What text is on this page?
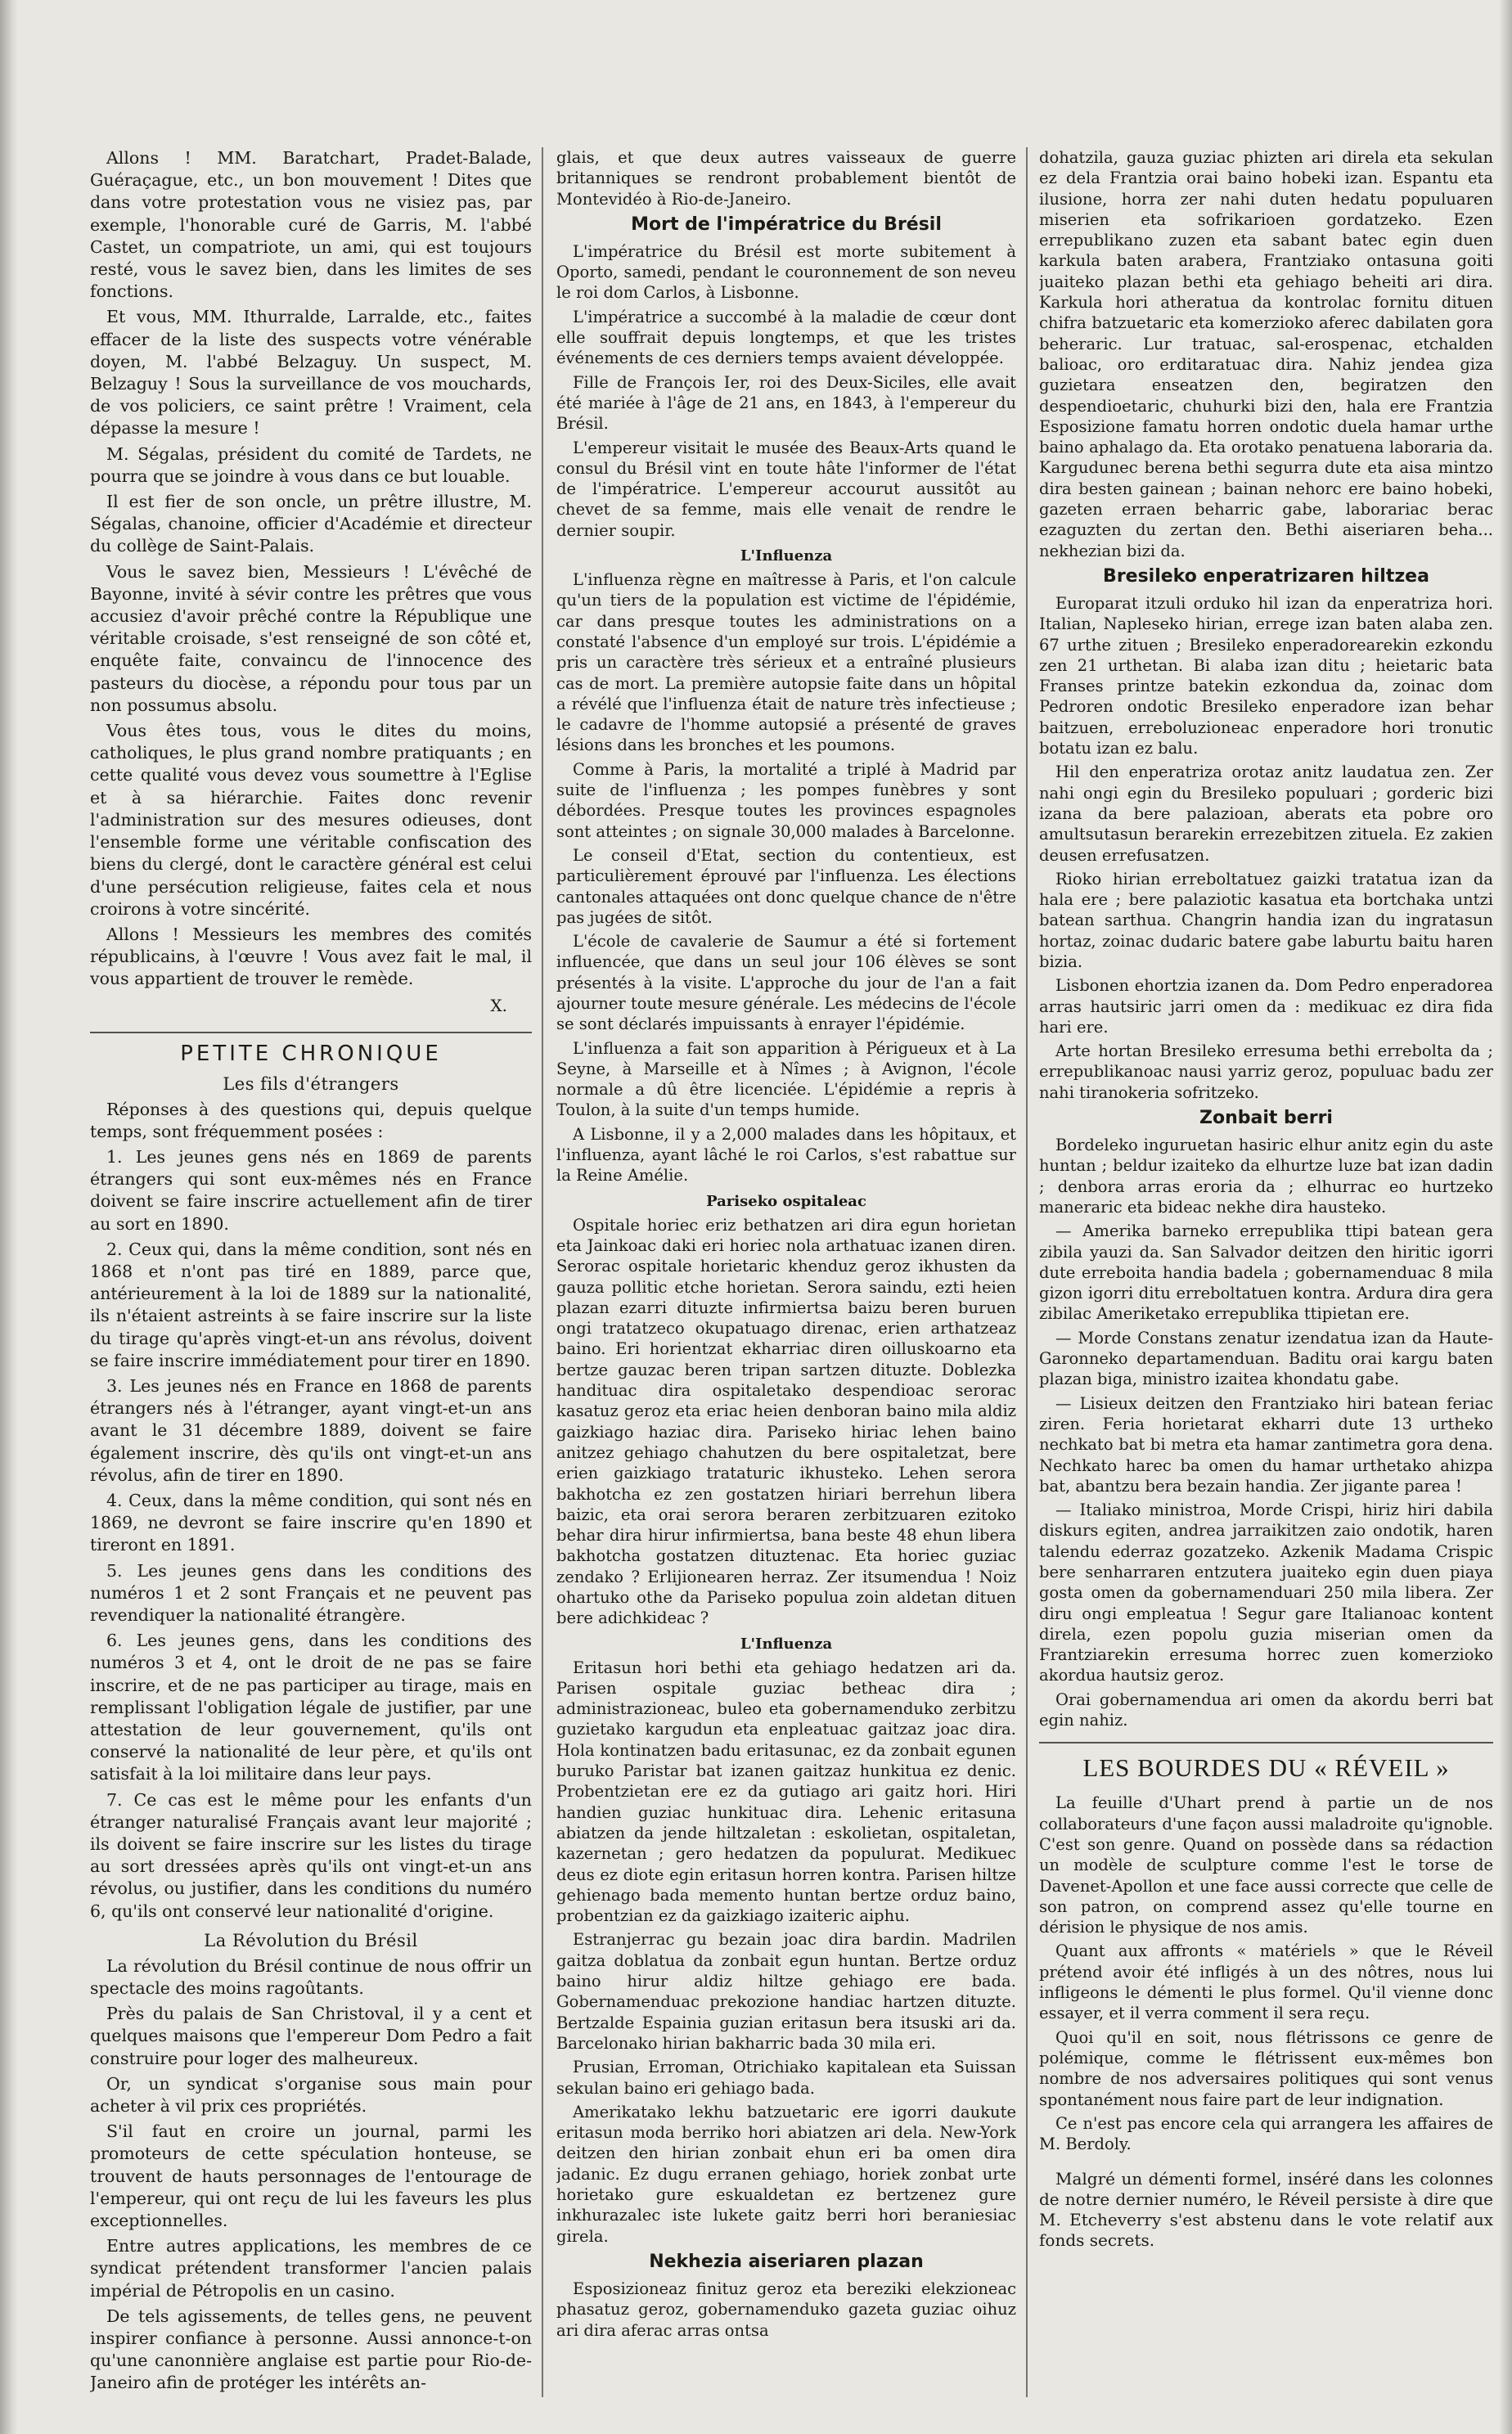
Allons ! MM. Baratchart, Pradet-Balade, Guéraçague, etc., un bon mouvement ! Dites que dans votre protestation vous ne visiez pas, par exemple, l'honorable curé de Garris, M. l'abbé Castet, un compatriote, un ami, qui est toujours resté, vous le savez bien, dans les limites de ses fonctions.

Et vous, MM. Ithurralde, Larralde, etc., faites effacer de la liste des suspects votre vénérable doyen, M. l'abbé Belzaguy. Un suspect, M. Belzaguy ! Sous la surveillance de vos mouchards, de vos policiers, ce saint prêtre ! Vraiment, cela dépasse la mesure !

M. Ségalas, président du comité de Tardets, ne pourra que se joindre à vous dans ce but louable.

Il est fier de son oncle, un prêtre illustre, M. Ségalas, chanoine, officier d'Académie et directeur du collège de Saint-Palais.

Vous le savez bien, Messieurs ! L'évêché de Bayonne, invité à sévir contre les prêtres que vous accusiez d'avoir prêché contre la République une véritable croisade, s'est renseigné de son côté et, enquête faite, convaincu de l'innocence des pasteurs du diocèse, a répondu pour tous par un non possumus absolu.

Vous êtes tous, vous le dites du moins, catholiques, le plus grand nombre pratiquants ; en cette qualité vous devez vous soumettre à l'Eglise et à sa hiérarchie. Faites donc revenir l'administration sur des mesures odieuses, dont l'ensemble forme une véritable confiscation des biens du clergé, dont le caractère général est celui d'une persécution religieuse, faites cela et nous croirons à votre sincérité.

Allons ! Messieurs les membres des comités républicains, à l'œuvre ! Vous avez fait le mal, il vous appartient de trouver le remède.

X.
PETITE CHRONIQUE
Les fils d'étrangers

Réponses à des questions qui, depuis quelque temps, sont fréquemment posées :

1. Les jeunes gens nés en 1869 de parents étrangers qui sont eux-mêmes nés en France doivent se faire inscrire actuellement afin de tirer au sort en 1890.

2. Ceux qui, dans la même condition, sont nés en 1868 et n'ont pas tiré en 1889, parce que, antérieurement à la loi de 1889 sur la nationalité, ils n'étaient astreints à se faire inscrire sur la liste du tirage qu'après vingt-et-un ans révolus, doivent se faire inscrire immédiatement pour tirer en 1890.

3. Les jeunes nés en France en 1868 de parents étrangers nés à l'étranger, ayant vingt-et-un ans avant le 31 décembre 1889, doivent se faire également inscrire, dès qu'ils ont vingt-et-un ans révolus, afin de tirer en 1890.

4. Ceux, dans la même condition, qui sont nés en 1869, ne devront se faire inscrire qu'en 1890 et tireront en 1891.

5. Les jeunes gens dans les conditions des numéros 1 et 2 sont Français et ne peuvent pas revendiquer la nationalité étrangère.

6. Les jeunes gens, dans les conditions des numéros 3 et 4, ont le droit de ne pas se faire inscrire, et de ne pas participer au tirage, mais en remplissant l'obligation légale de justifier, par une attestation de leur gouvernement, qu'ils ont conservé la nationalité de leur père, et qu'ils ont satisfait à la loi militaire dans leur pays.

7. Ce cas est le même pour les enfants d'un étranger naturalisé Français avant leur majorité ; ils doivent se faire inscrire sur les listes du tirage au sort dressées après qu'ils ont vingt-et-un ans révolus, ou justifier, dans les conditions du numéro 6, qu'ils ont conservé leur nationalité d'origine.

La Révolution du Brésil

La révolution du Brésil continue de nous offrir un spectacle des moins ragoûtants.

Près du palais de San Christoval, il y a cent et quelques maisons que l'empereur Dom Pedro a fait construire pour loger des malheureux.

Or, un syndicat s'organise sous main pour acheter à vil prix ces propriétés.

S'il faut en croire un journal, parmi les promoteurs de cette spéculation honteuse, se trouvent de hauts personnages de l'entourage de l'empereur, qui ont reçu de lui les faveurs les plus exceptionnelles.

Entre autres applications, les membres de ce syndicat prétendent transformer l'ancien palais impérial de Pétropolis en un casino.

De tels agissements, de telles gens, ne peuvent inspirer confiance à personne. Aussi annonce-t-on qu'une canonnière anglaise est partie pour Rio-de-Janeiro afin de protéger les intérêts an-

glais, et que deux autres vaisseaux de guerre britanniques se rendront probablement bientôt de Montevidéo à Rio-de-Janeiro.

Mort de l'impératrice du Brésil

L'impératrice du Brésil est morte subitement à Oporto, samedi, pendant le couronnement de son neveu le roi dom Carlos, à Lisbonne.

L'impératrice a succombé à la maladie de cœur dont elle souffrait depuis longtemps, et que les tristes événements de ces derniers temps avaient développée.

Fille de François Ier, roi des Deux-Siciles, elle avait été mariée à l'âge de 21 ans, en 1843, à l'empereur du Brésil.

L'empereur visitait le musée des Beaux-Arts quand le consul du Brésil vint en toute hâte l'informer de l'état de l'impératrice. L'empereur accourut aussitôt au chevet de sa femme, mais elle venait de rendre le dernier soupir.

L'Influenza

L'influenza règne en maîtresse à Paris, et l'on calcule qu'un tiers de la population est victime de l'épidémie, car dans presque toutes les administrations on a constaté l'absence d'un employé sur trois. L'épidémie a pris un caractère très sérieux et a entraîné plusieurs cas de mort. La première autopsie faite dans un hôpital a révélé que l'influenza était de nature très infectieuse ; le cadavre de l'homme autopsié a présenté de graves lésions dans les bronches et les poumons.

Comme à Paris, la mortalité a triplé à Madrid par suite de l'influenza ; les pompes funèbres y sont débordées. Presque toutes les provinces espagnoles sont atteintes ; on signale 30,000 malades à Barcelonne.

Le conseil d'Etat, section du contentieux, est particulièrement éprouvé par l'influenza. Les élections cantonales attaquées ont donc quelque chance de n'être pas jugées de sitôt.

L'école de cavalerie de Saumur a été si fortement influencée, que dans un seul jour 106 élèves se sont présentés à la visite. L'approche du jour de l'an a fait ajourner toute mesure générale. Les médecins de l'école se sont déclarés impuissants à enrayer l'épidémie.

L'influenza a fait son apparition à Périgueux et à La Seyne, à Marseille et à Nîmes ; à Avignon, l'école normale a dû être licenciée. L'épidémie a repris à Toulon, à la suite d'un temps humide.

A Lisbonne, il y a 2,000 malades dans les hôpitaux, et l'influenza, ayant lâché le roi Carlos, s'est rabattue sur la Reine Amélie.

Pariseko ospitaleac

Ospitale horiec eriz bethatzen ari dira egun horietan eta Jainkoac daki eri horiec nola arthatuac izanen diren. Serorac ospitale horietaric khenduz geroz ikhusten da gauza pollitic etche horietan. Serora saindu, ezti heien plazan ezarri dituzte infirmiertsa baizu beren buruen ongi tratatzeco okupatuago direnac, erien arthatzeaz baino. Eri horientzat ekharriac diren oilluskoarno eta bertze gauzac beren tripan sartzen dituzte. Doblezka handituac dira ospitaletako despendioac serorac kasatuz geroz eta eriac heien denboran baino mila aldiz gaizkiago haziac dira. Pariseko hiriac lehen baino anitzez gehiago chahutzen du bere ospitaletzat, bere erien gaizkiago trataturic ikhusteko. Lehen serora bakhotcha ez zen gostatzen hiriari berrehun libera baizic, eta orai serora beraren zerbitzuaren ezitoko behar dira hirur infirmiertsa, bana beste 48 ehun libera bakhotcha gostatzen dituztenac. Eta horiec guziac zendako ? Erlijionearen herraz. Zer itsumendua ! Noiz ohartuko othe da Pariseko populua zoin aldetan dituen bere adichkideac ?

L'Influenza

Eritasun hori bethi eta gehiago hedatzen ari da. Parisen ospitale guziac betheac dira ; administrazioneac, buleo eta gobernamenduko zerbitzu guzietako kargudun eta enpleatuac gaitzaz joac dira. Hola kontinatzen badu eritasunac, ez da zonbait egunen buruko Paristar bat izanen gaitzaz hunkitua ez denic. Probentzietan ere ez da gutiago ari gaitz hori. Hiri handien guziac hunkituac dira. Lehenic eritasuna abiatzen da jende hiltzaletan : eskolietan, ospitaletan, kazernetan ; gero hedatzen da populurat. Medikuec deus ez diote egin eritasun horren kontra. Parisen hiltze gehienago bada memento huntan bertze orduz baino, probentzian ez da gaizkiago izaiteric aiphu.

Estranjerrac gu bezain joac dira bardin. Madrilen gaitza doblatua da zonbait egun huntan. Bertze orduz baino hirur aldiz hiltze gehiago ere bada. Gobernamenduac prekozione handiac hartzen dituzte. Bertzalde Espainia guzian eritasun bera itsuski ari da. Barcelonako hirian bakharric bada 30 mila eri.

Prusian, Erroman, Otrichiako kapitalean eta Suissan sekulan baino eri gehiago bada.

Amerikatako lekhu batzuetaric ere igorri daukute eritasun moda berriko hori abiatzen ari dela. New-York deitzen den hirian zonbait ehun eri ba omen dira jadanic. Ez dugu erranen gehiago, horiek zonbat urte horietako gure eskualdetan ez bertzenez gure inkhurazalec iste lukete gaitz berri hori beraniesiac girela.

Nekhezia aiseriaren plazan

Esposizioneaz finituz geroz eta bereziki elekzioneac phasatuz geroz, gobernamenduko gazeta guziac oihuz ari dira aferac arras ontsa

dohatzila, gauza guziac phizten ari direla eta sekulan ez dela Frantzia orai baino hobeki izan. Espantu eta ilusione, horra zer nahi duten hedatu populuaren miserien eta sofrikarioen gordatzeko. Ezen errepublikano zuzen eta sabant batec egin duen karkula baten arabera, Frantziako ontasuna goiti juaiteko plazan bethi eta gehiago beheiti ari dira. Karkula hori atheratua da kontrolac fornitu dituen chifra batzuetaric eta komerzioko aferec dabilaten gora beheraric. Lur tratuac, sal-erospenac, etchalden balioac, oro erditaratuac dira. Nahiz jendea giza guzietara enseatzen den, begiratzen den despendioetaric, chuhurki bizi den, hala ere Frantzia Esposizione famatu horren ondotic duela hamar urthe baino aphalago da. Eta orotako penatuena laboraria da. Kargudunec berena bethi segurra dute eta aisa mintzo dira besten gainean ; bainan nehorc ere baino hobeki, gazeten erraen beharric gabe, laborariac berac ezaguzten du zertan den. Bethi aiseriaren beha... nekhezian bizi da.

Bresileko enperatrizaren hiltzea

Europarat itzuli orduko hil izan da enperatriza hori. Italian, Napleseko hirian, errege izan baten alaba zen. 67 urthe zituen ; Bresileko enperadorearekin ezkondu zen 21 urthetan. Bi alaba izan ditu ; heietaric bata Franses printze batekin ezkondua da, zoinac dom Pedroren ondotic Bresileko enperadore izan behar baitzuen, erreboluzioneac enperadore hori tronutic botatu izan ez balu.

Hil den enperatriza orotaz anitz laudatua zen. Zer nahi ongi egin du Bresileko populuari ; gorderic bizi izana da bere palazioan, aberats eta pobre oro amultsutasun berarekin errezebitzen zituela. Ez zakien deusen errefusatzen.

Rioko hirian erreboltatuez gaizki tratatua izan da hala ere ; bere palaziotic kasatua eta bortchaka untzi batean sarthua. Changrin handia izan du ingratasun hortaz, zoinac dudaric batere gabe laburtu baitu haren bizia.

Lisbonen ehortzia izanen da. Dom Pedro enperadorea arras hautsiric jarri omen da : medikuac ez dira fida hari ere.

Arte hortan Bresileko erresuma bethi errebolta da ; errepublikanoac nausi yarriz geroz, populuac badu zer nahi tiranokeria sofritzeko.

Zonbait berri

Bordeleko inguruetan hasiric elhur anitz egin du aste huntan ; beldur izaiteko da elhurtze luze bat izan dadin ; denbora arras eroria da ; elhurrac eo hurtzeko maneraric eta bideac nekhe dira hausteko.

— Amerika barneko errepublika ttipi batean gera zibila yauzi da. San Salvador deitzen den hiritic igorri dute erreboita handia badela ; gobernamenduac 8 mila gizon igorri ditu erreboltatuen kontra. Ardura dira gera zibilac Ameriketako errepublika ttipietan ere.

— Morde Constans zenatur izendatua izan da Haute-Garonneko departamenduan. Baditu orai kargu baten plazan biga, ministro izaitea khondatu gabe.

— Lisieux deitzen den Frantziako hiri batean feriac ziren. Feria horietarat ekharri dute 13 urtheko nechkato bat bi metra eta hamar zantimetra gora dena. Nechkato harec ba omen du hamar urthetako ahizpa bat, abantzu bera bezain handia. Zer jigante parea !

— Italiako ministroa, Morde Crispi, hiriz hiri dabila diskurs egiten, andrea jarraikitzen zaio ondotik, haren talendu ederraz gozatzeko. Azkenik Madama Crispic bere senharraren entzutera juaiteko egin duen piaya gosta omen da gobernamenduari 250 mila libera. Zer diru ongi empleatua ! Segur gare Italianoac kontent direla, ezen popolu guzia miserian omen da Frantziarekin erresuma horrec zuen komerzioko akordua hautsiz geroz.

Orai gobernamendua ari omen da akordu berri bat egin nahiz.

LES BOURDES DU « RÉVEIL »

La feuille d'Uhart prend à partie un de nos collaborateurs d'une façon aussi maladroite qu'ignoble. C'est son genre. Quand on possède dans sa rédaction un modèle de sculpture comme l'est le torse de Davenet-Apollon et une face aussi correcte que celle de son patron, on comprend assez qu'elle tourne en dérision le physique de nos amis.

Quant aux affronts « matériels » que le Réveil prétend avoir été infligés à un des nôtres, nous lui infligeons le démenti le plus formel. Qu'il vienne donc essayer, et il verra comment il sera reçu.

Quoi qu'il en soit, nous flétrissons ce genre de polémique, comme le flétrissent eux-mêmes bon nombre de nos adversaires politiques qui sont venus spontanément nous faire part de leur indignation.

Ce n'est pas encore cela qui arrangera les affaires de M. Berdoly.

Malgré un démenti formel, inséré dans les colonnes de notre dernier numéro, le Réveil persiste à dire que M. Etcheverry s'est abstenu dans le vote relatif aux fonds secrets.
